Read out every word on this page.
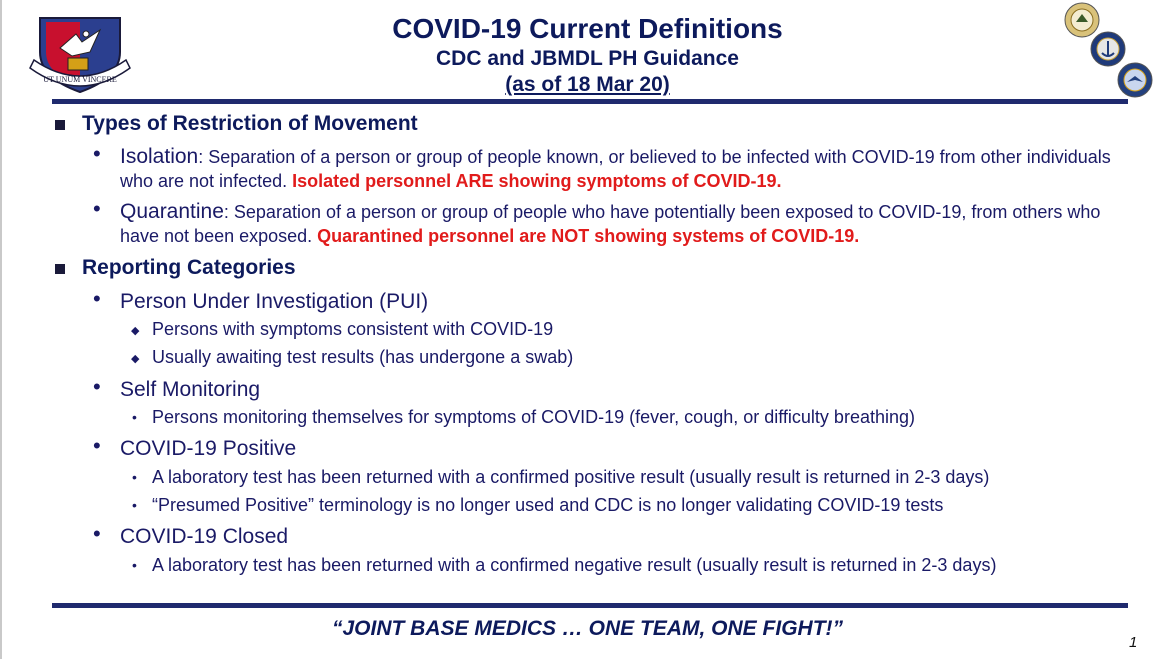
UT UNUM VINCERE
COVID-19 Current Definitions
CDC and JBMDL PH Guidance
(as of 18 Mar 20)
Types of Restriction of Movement
• Isolation: Separation of a person or group of people known, or believed to be infected with COVID-19 from other individuals who are not infected. Isolated personnel ARE showing symptoms of COVID-19.
• Quarantine: Separation of a person or group of people who have potentially been exposed to COVID-19, from others who have not been exposed. Quarantined personnel are NOT showing systems of COVID-19.
Reporting Categories
• Person Under Investigation (PUI)
◆ Persons with symptoms consistent with COVID-19
◆ Usually awaiting test results (has undergone a swab)
• Self Monitoring
• Persons monitoring themselves for symptoms of COVID-19 (fever, cough, or difficulty breathing)
• COVID-19 Positive
• A laboratory test has been returned with a confirmed positive result (usually result is returned in 2-3 days)
• “Presumed Positive” terminology is no longer used and CDC is no longer validating COVID-19 tests
• COVID-19 Closed
• A laboratory test has been returned with a confirmed negative result (usually result is returned in 2-3 days)
“JOINT BASE MEDICS … ONE TEAM, ONE FIGHT!”
1
